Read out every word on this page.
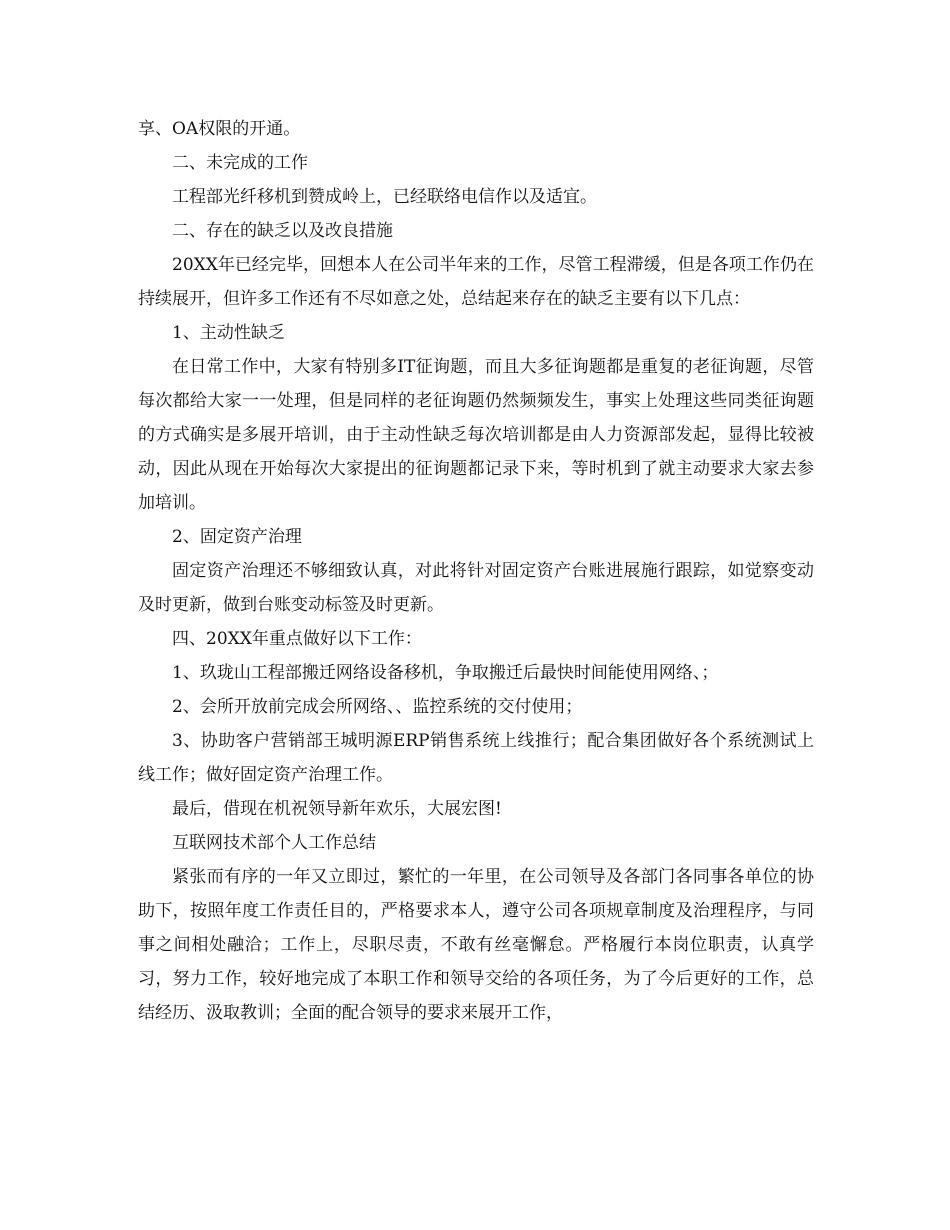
享、OA权限的开通。

二、未完成的工作

工程部光纤移机到赞成岭上，已经联络电信作以及适宜。

二、存在的缺乏以及改良措施

20XX年已经完毕，回想本人在公司半年来的工作，尽管工程滞缓，但是各项工作仍在持续展开，但许多工作还有不尽如意之处，总结起来存在的缺乏主要有以下几点：

1、主动性缺乏

在日常工作中，大家有特别多IT征询题，而且大多征询题都是重复的老征询题，尽管每次都给大家一一处理，但是同样的老征询题仍然频频发生，事实上处理这些同类征询题的方式确实是多展开培训，由于主动性缺乏每次培训都是由人力资源部发起，显得比较被动，因此从现在开始每次大家提出的征询题都记录下来，等时机到了就主动要求大家去参加培训。

2、固定资产治理

固定资产治理还不够细致认真，对此将针对固定资产台账进展施行跟踪，如觉察变动及时更新，做到台账变动标签及时更新。

四、20XX年重点做好以下工作：

1、玖珑山工程部搬迁网络设备移机，争取搬迁后最快时间能使用网络、；

2、会所开放前完成会所网络、、监控系统的交付使用；

3、协助客户营销部王城明源ERP销售系统上线推行；配合集团做好各个系统测试上线工作；做好固定资产治理工作。

最后，借现在机祝领导新年欢乐，大展宏图!

互联网技术部个人工作总结

紧张而有序的一年又立即过，繁忙的一年里，在公司领导及各部门各同事各单位的协助下，按照年度工作责任目的，严格要求本人，遵守公司各项规章制度及治理程序，与同事之间相处融洽；工作上，尽职尽责，不敢有丝毫懈怠。严格履行本岗位职责，认真学习，努力工作，较好地完成了本职工作和领导交给的各项任务，为了今后更好的工作，总结经历、汲取教训；全面的配合领导的要求来展开工作，
